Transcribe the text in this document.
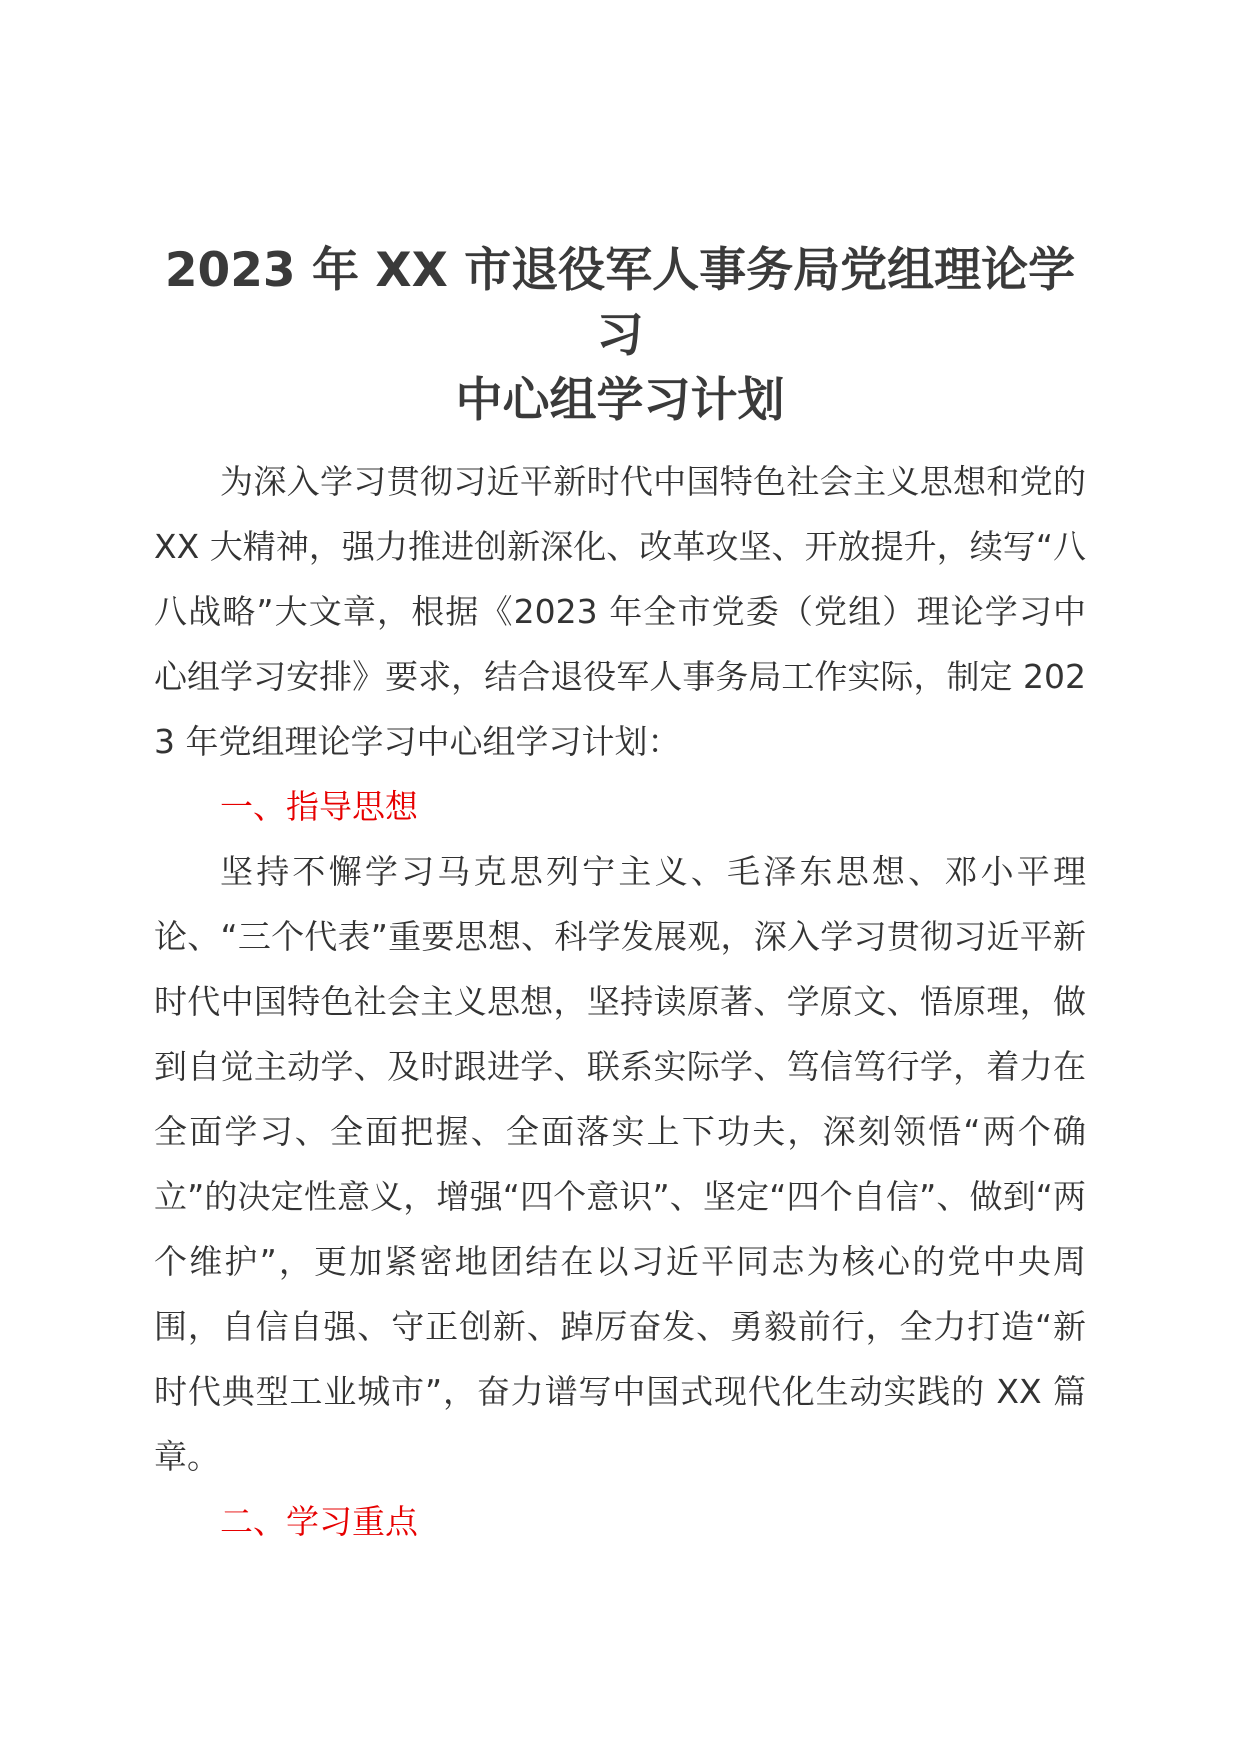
2023 年 XX 市退役军人事务局党组理论学习
中心组学习计划

为深入学习贯彻习近平新时代中国特色社会主义思想和党的 XX 大精神，强力推进创新深化、改革攻坚、开放提升，续写“八八战略”大文章，根据《2023 年全市党委（党组）理论学习中心组学习安排》要求，结合退役军人事务局工作实际，制定 2023 年党组理论学习中心组学习计划：

一、指导思想

坚持不懈学习马克思列宁主义、毛泽东思想、邓小平理论、“三个代表”重要思想、科学发展观，深入学习贯彻习近平新时代中国特色社会主义思想，坚持读原著、学原文、悟原理，做到自觉主动学、及时跟进学、联系实际学、笃信笃行学，着力在全面学习、全面把握、全面落实上下功夫，深刻领悟“两个确立”的决定性意义，增强“四个意识”、坚定“四个自信”、做到“两个维护”，更加紧密地团结在以习近平同志为核心的党中央周围，自信自强、守正创新、踔厉奋发、勇毅前行，全力打造“新时代典型工业城市”，奋力谱写中国式现代化生动实践的 XX 篇章。

二、学习重点
